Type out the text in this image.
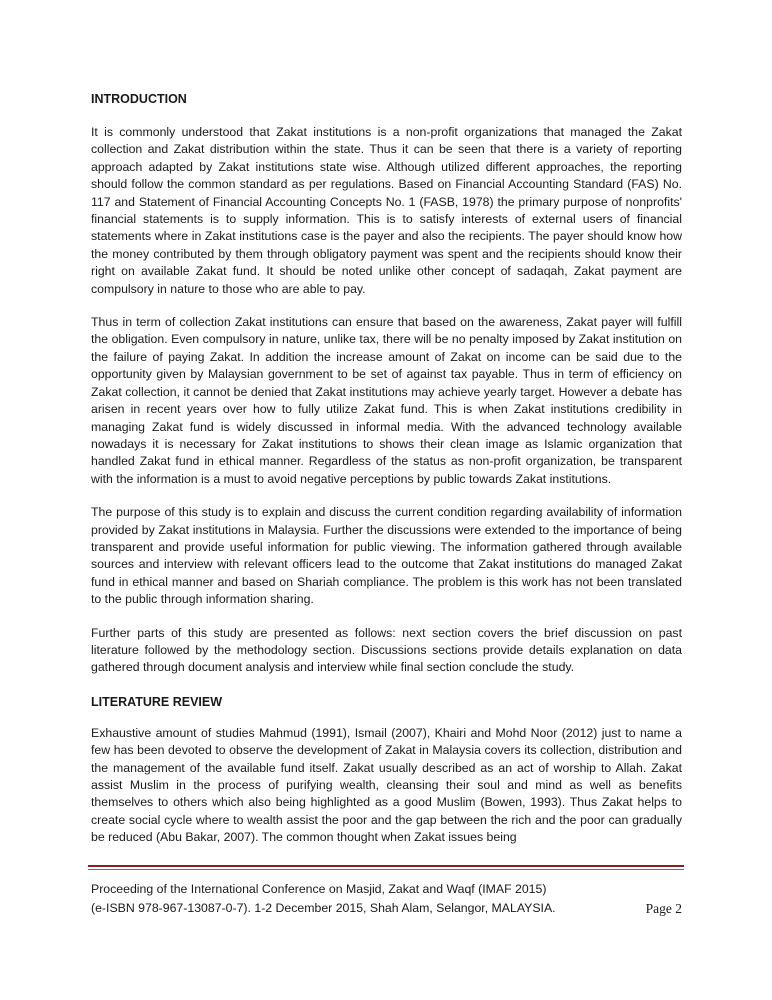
INTRODUCTION

It is commonly understood that Zakat institutions is a non-profit organizations that managed the Zakat collection and Zakat distribution within the state. Thus it can be seen that there is a variety of reporting approach adapted by Zakat institutions state wise. Although utilized different approaches, the reporting should follow the common standard as per regulations. Based on Financial Accounting Standard (FAS) No. 117 and Statement of Financial Accounting Concepts No. 1 (FASB, 1978) the primary purpose of nonprofits' financial statements is to supply information. This is to satisfy interests of external users of financial statements where in Zakat institutions case is the payer and also the recipients. The payer should know how the money contributed by them through obligatory payment was spent and the recipients should know their right on available Zakat fund. It should be noted unlike other concept of sadaqah, Zakat payment are compulsory in nature to those who are able to pay.

Thus in term of collection Zakat institutions can ensure that based on the awareness, Zakat payer will fulfill the obligation. Even compulsory in nature, unlike tax, there will be no penalty imposed by Zakat institution on the failure of paying Zakat. In addition the increase amount of Zakat on income can be said due to the opportunity given by Malaysian government to be set of against tax payable. Thus in term of efficiency on Zakat collection, it cannot be denied that Zakat institutions may achieve yearly target. However a debate has arisen in recent years over how to fully utilize Zakat fund. This is when Zakat institutions credibility in managing Zakat fund is widely discussed in informal media. With the advanced technology available nowadays it is necessary for Zakat institutions to shows their clean image as Islamic organization that handled Zakat fund in ethical manner. Regardless of the status as non-profit organization, be transparent with the information is a must to avoid negative perceptions by public towards Zakat institutions.

The purpose of this study is to explain and discuss the current condition regarding availability of information provided by Zakat institutions in Malaysia. Further the discussions were extended to the importance of being transparent and provide useful information for public viewing. The information gathered through available sources and interview with relevant officers lead to the outcome that Zakat institutions do managed Zakat fund in ethical manner and based on Shariah compliance. The problem is this work has not been translated to the public through information sharing.

Further parts of this study are presented as follows: next section covers the brief discussion on past literature followed by the methodology section. Discussions sections provide details explanation on data gathered through document analysis and interview while final section conclude the study.

LITERATURE REVIEW

Exhaustive amount of studies Mahmud (1991), Ismail (2007), Khairi and Mohd Noor (2012) just to name a few has been devoted to observe the development of Zakat in Malaysia covers its collection, distribution and the management of the available fund itself. Zakat usually described as an act of worship to Allah. Zakat assist Muslim in the process of purifying wealth, cleansing their soul and mind as well as benefits themselves to others which also being highlighted as a good Muslim (Bowen, 1993). Thus Zakat helps to create social cycle where to wealth assist the poor and the gap between the rich and the poor can gradually be reduced (Abu Bakar, 2007). The common thought when Zakat issues being

Proceeding of the International Conference on Masjid, Zakat and Waqf (IMAF 2015)
(e-ISBN 978-967-13087-0-7). 1-2 December 2015, Shah Alam, Selangor, MALAYSIA.	Page 2
